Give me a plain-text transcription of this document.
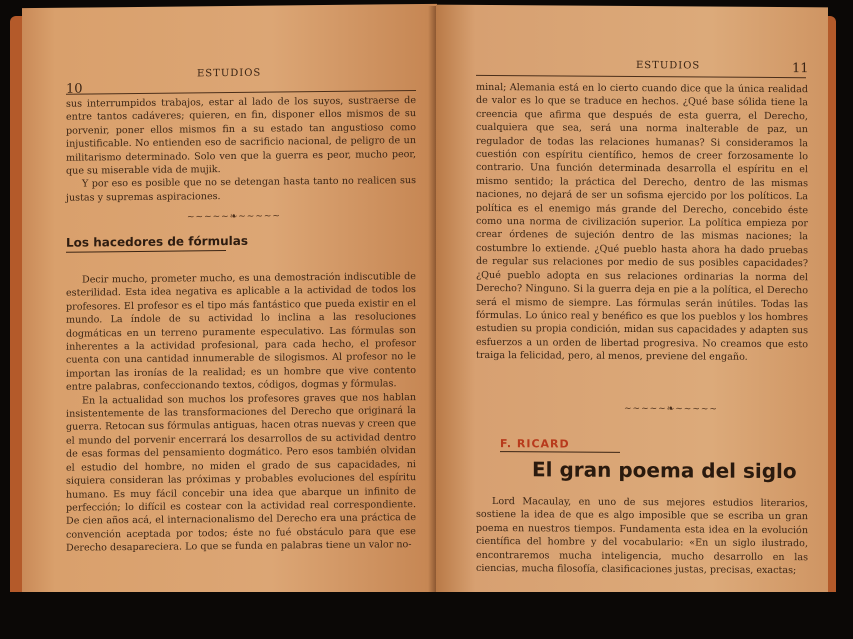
10
ESTUDIOS

sus interrumpidos trabajos, estar al lado de los suyos, sustraerse de entre tantos cadáveres; quieren, en fin, disponer ellos mismos de su porvenir, poner ellos mismos fin a su estado tan angustioso como injustificable. No entienden eso de sacrificio nacional, de peligro de un militarismo determinado. Solo ven que la guerra es peor, mucho peor, que su miserable vida de mujik.

Y por eso es posible que no se detengan hasta tanto no realicen sus justas y supremas aspiraciones.

~~~~~❧~~~~~
Los hacedores de fórmulas

Decir mucho, prometer mucho, es una demostración indiscutible de esterilidad. Esta idea negativa es aplicable a la actividad de todos los profesores. El profesor es el tipo más fantástico que pueda existir en el mundo. La índole de su actividad lo inclina a las resoluciones dogmáticas en un terreno puramente especulativo. Las fórmulas son inherentes a la actividad profesional, para cada hecho, el profesor cuenta con una cantidad innumerable de silogismos. Al profesor no le importan las ironías de la realidad; es un hombre que vive contento entre palabras, confeccionando textos, códigos, dogmas y fórmulas.

En la actualidad son muchos los profesores graves que nos hablan insistentemente de las transformaciones del Derecho que originará la guerra. Retocan sus fórmulas antiguas, hacen otras nuevas y creen que el mundo del porvenir encerrará los desarrollos de su actividad dentro de esas formas del pensamiento dogmático. Pero esos también olvidan el estudio del hombre, no miden el grado de sus capacidades, ni siquiera consideran las próximas y probables evoluciones del espíritu humano. Es muy fácil concebir una idea que abarque un infinito de perfección; lo difícil es costear con la actividad real correspondiente. De cien años acá, el internacionalismo del Derecho era una práctica de convención aceptada por todos; éste no fué obstáculo para que ese Derecho desapareciera. Lo que se funda en palabras tiene un valor no-

ESTUDIOS	11

minal; Alemania está en lo cierto cuando dice que la única realidad de valor es lo que se traduce en hechos. ¿Qué base sólida tiene la creencia que afirma que después de esta guerra, el Derecho, cualquiera que sea, será una norma inalterable de paz, un regulador de todas las relaciones humanas? Si consideramos la cuestión con espíritu científico, hemos de creer forzosamente lo contrario. Una función determinada desarrolla el espíritu en el mismo sentido; la práctica del Derecho, dentro de las mismas naciones, no dejará de ser un sofisma ejercido por los políticos. La política es el enemigo más grande del Derecho, concebido éste como una norma de civilización superior. La política empieza por crear órdenes de sujeción dentro de las mismas naciones; la costumbre lo extiende. ¿Qué pueblo hasta ahora ha dado pruebas de regular sus relaciones por medio de sus posibles capacidades? ¿Qué pueblo adopta en sus relaciones ordinarias la norma del Derecho? Ninguno. Si la guerra deja en pie a la política, el Derecho será el mismo de siempre. Las fórmulas serán inútiles. Todas las fórmulas. Lo único real y benéfico es que los pueblos y los hombres estudien su propia condición, midan sus capacidades y adapten sus esfuerzos a un orden de libertad progresiva. No creamos que esto traiga la felicidad, pero, al menos, previene del engaño.

~~~~~❧~~~~~
F. RICARD
El gran poema del siglo

Lord Macaulay, en uno de sus mejores estudios literarios, sostiene la idea de que es algo imposible que se escriba un gran poema en nuestros tiempos. Fundamenta esta idea en la evolución científica del hombre y del vocabulario: «En un siglo ilustrado, encontraremos mucha inteligencia, mucho desarrollo en las ciencias, mucha filosofía, clasificaciones justas, precisas, exactas;
